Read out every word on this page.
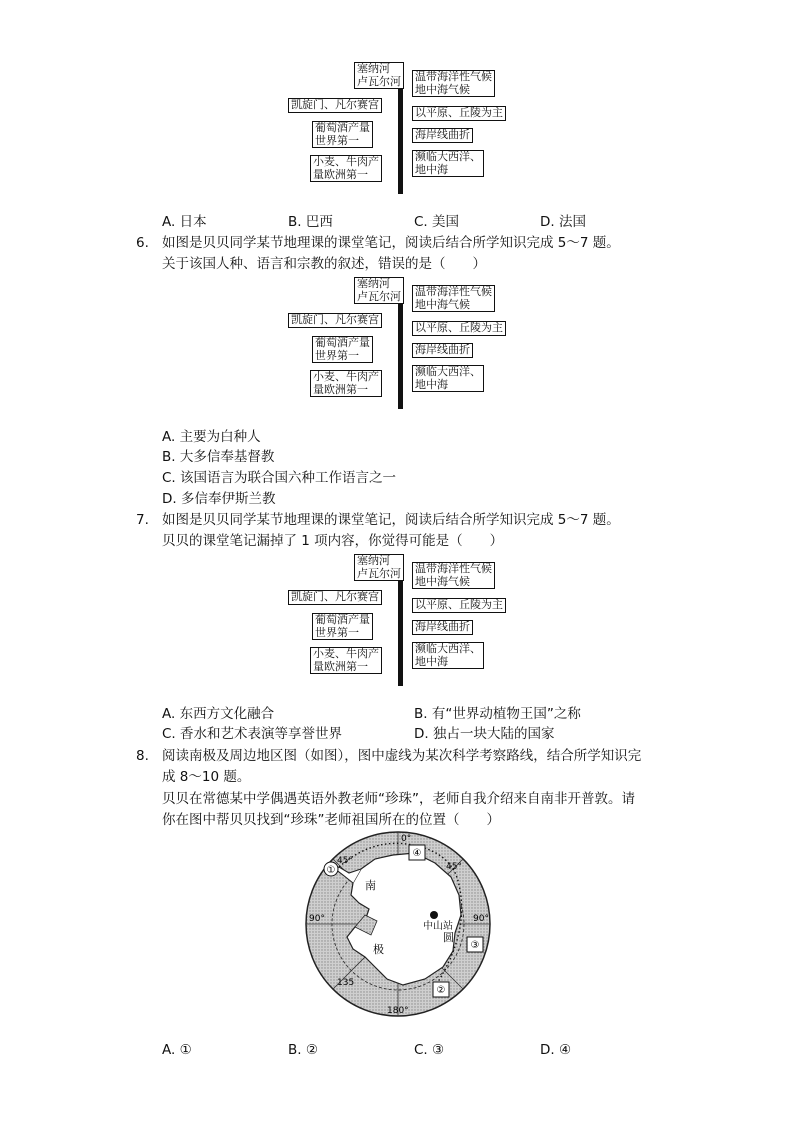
塞纳河
卢瓦尔河 温带海洋性气候
地中海气候
凯旋门、凡尔赛宫
以平原、丘陵为主
葡萄酒产量
世界第一	海岸线曲折
小麦、牛肉产
量欧洲第一
濒临大西洋、
地中海
A. 日本	B. 巴西	C. 美国	D. 法国
6. 如图是贝贝同学某节地理课的课堂笔记，阅读后结合所学知识完成 5～7 题。
关于该国人种、语言和宗教的叙述，错误的是（　　）
塞纳河
卢瓦尔河 温带海洋性气候
地中海气候
凯旋门、凡尔赛宫
以平原、丘陵为主
葡萄酒产量
世界第一	海岸线曲折
小麦、牛肉产
量欧洲第一
濒临大西洋、
地中海
A. 主要为白种人
B. 大多信奉基督教
C. 该国语言为联合国六种工作语言之一
D. 多信奉伊斯兰教
7. 如图是贝贝同学某节地理课的课堂笔记，阅读后结合所学知识完成 5～7 题。
贝贝的课堂笔记漏掉了 1 项内容，你觉得可能是（　　）
塞纳河
卢瓦尔河 温带海洋性气候
地中海气候
凯旋门、凡尔赛宫
以平原、丘陵为主
葡萄酒产量
世界第一	海岸线曲折
小麦、牛肉产
量欧洲第一
濒临大西洋、
地中海
A. 东西方文化融合	B. 有“世界动植物王国”之称
C. 香水和艺术表演等享誉世界	D. 独占一块大陆的国家
8. 阅读南极及周边地区图（如图），图中虚线为某次科学考察路线，结合所学知识完
成 8～10 题。
贝贝在常德某中学偶遇英语外教老师“珍珠”，老师自我介绍来自南非开普敦。请
你在图中帮贝贝找到“珍珠”老师祖国所在的位置（　　）
①
②
③
④
0°
45°
90°
135
180°
90°
45°
中山站
南
极
圆
A. ①	B. ②	C. ③	D. ④
